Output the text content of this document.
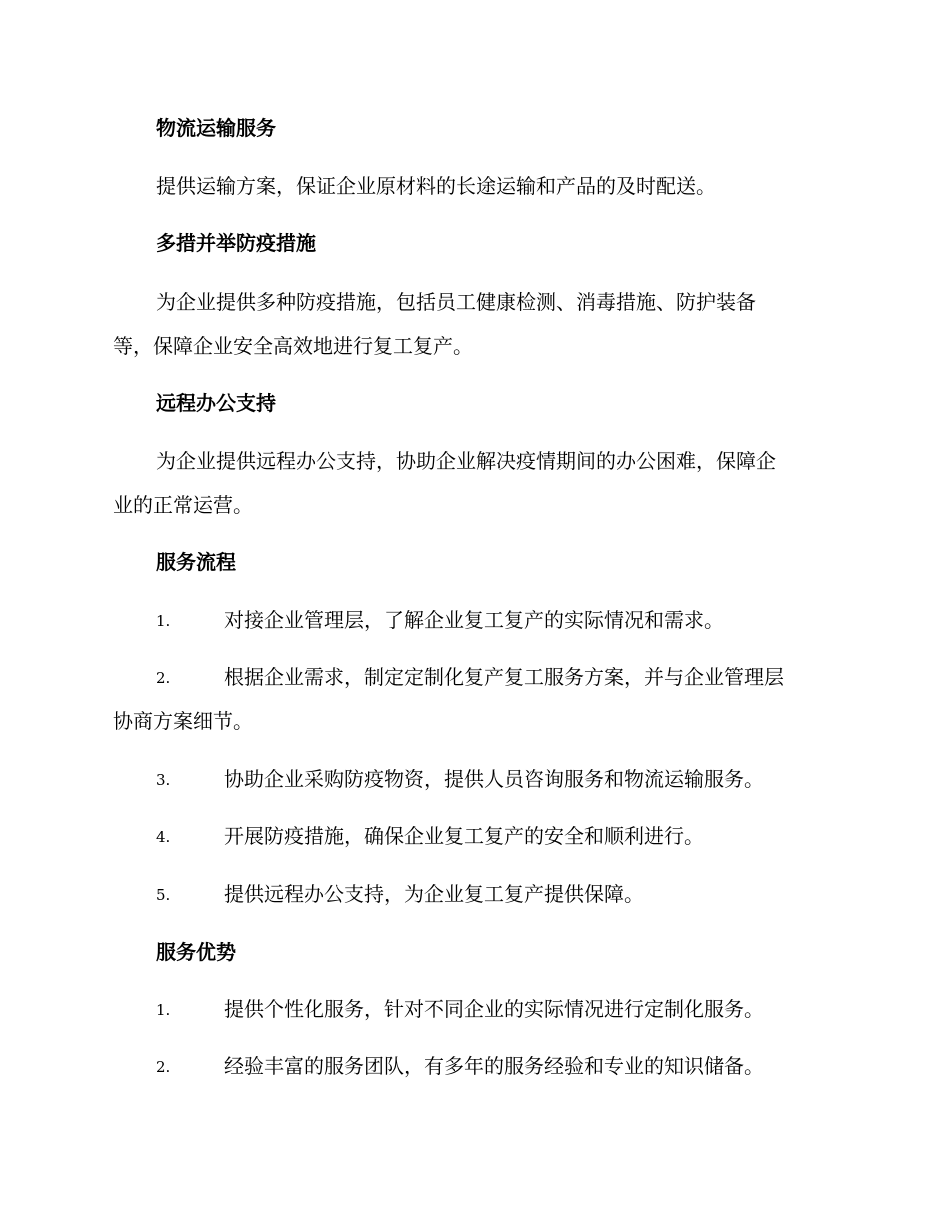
物流运输服务
提供运输方案，保证企业原材料的长途运输和产品的及时配送。
多措并举防疫措施
为企业提供多种防疫措施，包括员工健康检测、消毒措施、防护装备
等，保障企业安全高效地进行复工复产。
远程办公支持
为企业提供远程办公支持，协助企业解决疫情期间的办公困难，保障企
业的正常运营。
服务流程
1.	对接企业管理层，了解企业复工复产的实际情况和需求。
2.	根据企业需求，制定定制化复产复工服务方案，并与企业管理层
协商方案细节。
3.	协助企业采购防疫物资，提供人员咨询服务和物流运输服务。
4.	开展防疫措施，确保企业复工复产的安全和顺利进行。
5.	提供远程办公支持，为企业复工复产提供保障。
服务优势
1.	提供个性化服务，针对不同企业的实际情况进行定制化服务。
2.	经验丰富的服务团队，有多年的服务经验和专业的知识储备。
